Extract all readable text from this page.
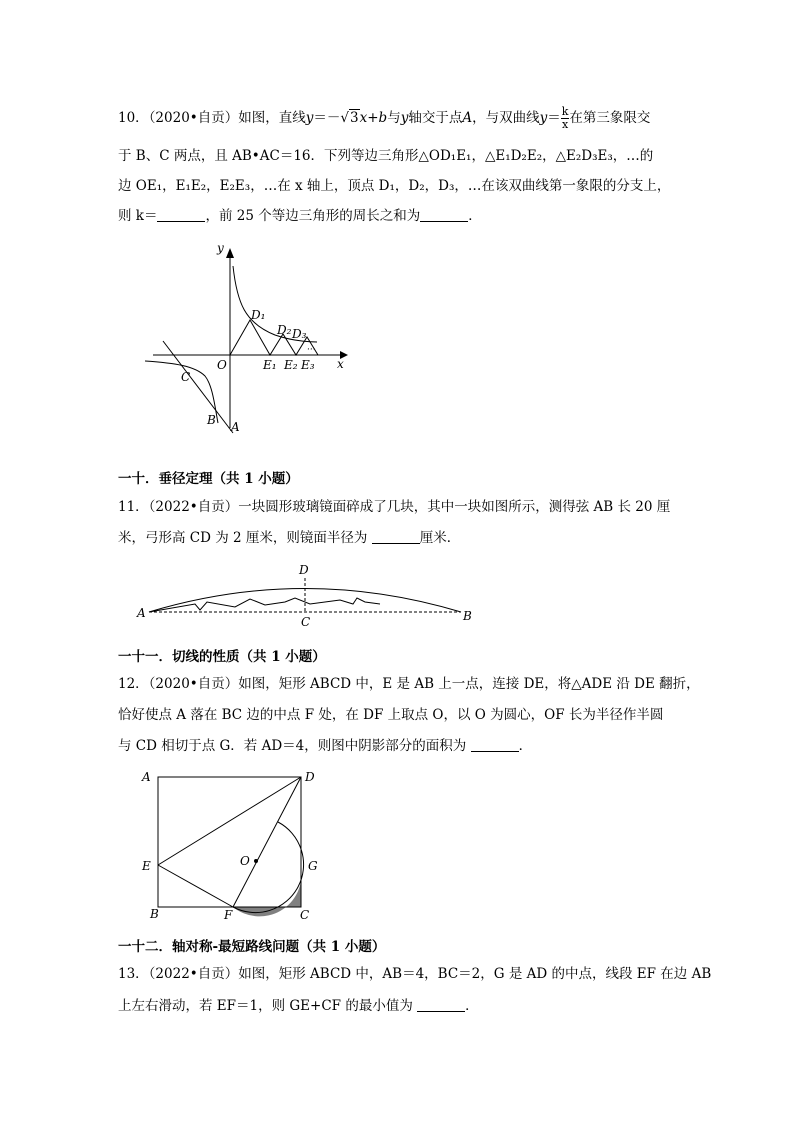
10．（2020•自贡）如图，直线y＝－√3x+b与y轴交于点A，与双曲线$y= \frac{k}{x}$ 在第三象限交
于 B、C 两点，且 AB•AC＝16．下列等边三角形△OD₁E₁，△E₁D₂E₂，△E₂D₃E₃，…的
边 OE₁，E₁E₂，E₂E₃，…在 x 轴上，顶点 D₁，D₂，D₃，…在该双曲线第一象限的分支上，
则 k＝	，前 25 个等边三角形的周长之和为	．
y
x
O
C
B A
D₁
D₂ D₃
E₁ E₂ E₃
···
一十．垂径定理（共 1 小题）
11．（2022•自贡）一块圆形玻璃镜面碎成了几块，其中一块如图所示，测得弦 AB 长 20 厘
米，弓形高 CD 为 2 厘米，则镜面半径为	厘米．
A	B
C
D
一十一．切线的性质（共 1 小题）
12．（2020•自贡）如图，矩形 ABCD 中，E 是 AB 上一点，连接 DE，将△ADE 沿 DE 翻折，
恰好使点 A 落在 BC 边的中点 F 处，在 DF 上取点 O，以 O 为圆心，OF 长为半径作半圆
与 CD 相切于点 G．若 AD＝4，则图中阴影部分的面积为	．
A	D
E	G
O
B	F	C
一十二．轴对称-最短路线问题（共 1 小题）
13．（2022•自贡）如图，矩形 ABCD 中，AB＝4，BC＝2，G 是 AD 的中点，线段 EF 在边 AB
上左右滑动，若 EF＝1，则 GE+CF 的最小值为	．
